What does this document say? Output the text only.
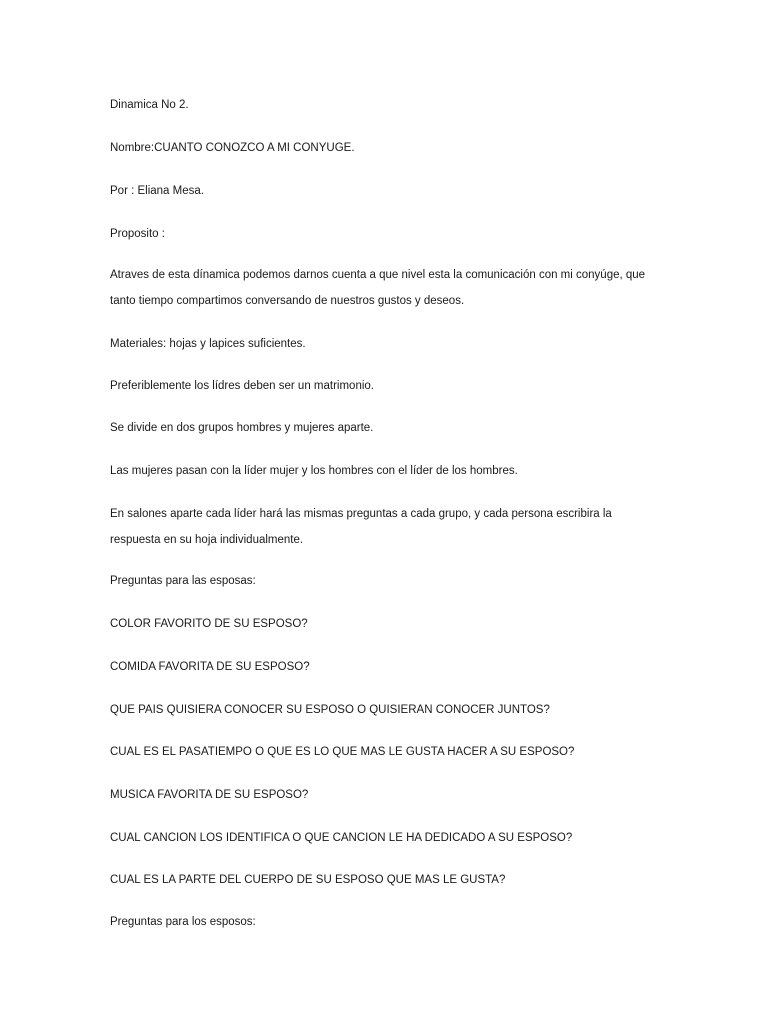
Dinamica No 2.

Nombre:CUANTO CONOZCO A MI CONYUGE.

Por : Eliana Mesa.

Proposito :

Atraves de esta dínamica podemos darnos cuenta a que nivel esta la comunicación con mi conyúge, que

tanto tiempo compartimos conversando de nuestros gustos y deseos.

Materiales: hojas y lapices suficientes.

Preferiblemente los lídres deben ser un matrimonio.

Se divide en dos grupos hombres y mujeres aparte.

Las mujeres pasan con la líder mujer y los hombres con el líder de los hombres.

En salones aparte cada líder hará las mismas preguntas a cada grupo, y cada persona escribira la

respuesta en su hoja individualmente.

Preguntas para las esposas:

COLOR FAVORITO DE SU ESPOSO?

COMIDA FAVORITA DE SU ESPOSO?

QUE PAIS QUISIERA CONOCER SU ESPOSO O QUISIERAN CONOCER JUNTOS?

CUAL ES EL PASATIEMPO O QUE ES LO QUE MAS LE GUSTA HACER A SU ESPOSO?

MUSICA FAVORITA DE SU ESPOSO?

CUAL CANCION LOS IDENTIFICA O QUE CANCION LE HA DEDICADO A SU ESPOSO?

CUAL ES LA PARTE DEL CUERPO DE SU ESPOSO QUE MAS LE GUSTA?

Preguntas para los esposos:
